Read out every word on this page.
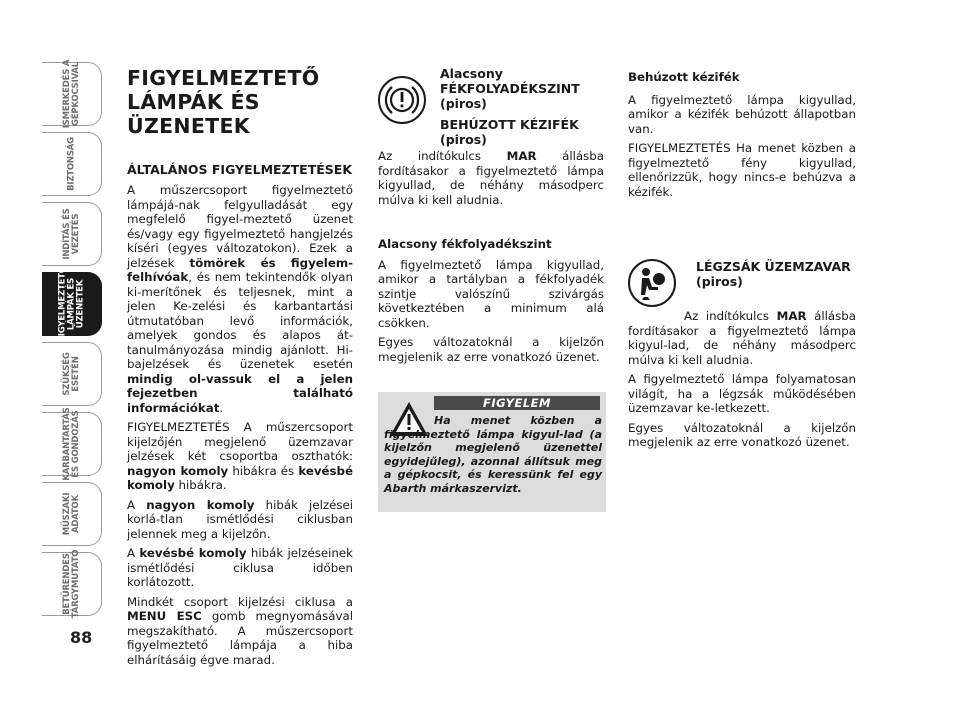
ISMERKEDÉS A
GÉPKOCSIVAL
BIZTONSÁG
INDÍTÁS ÉS
VEZETÉS
FIGYELMEZTETŐ
LÁMPÁK ÉS
ÜZENETEK
SZÜKSÉG
ESETÉN
KARBANTARTÁS
ÉS GONDOZÁS
MŰSZAKI
ADATOK
BETŰRENDES
TÁRGYMUTATÓ
88
FIGYELMEZTETŐ LÁMPÁK ÉS ÜZENETEK
ÁLTALÁNOS FIGYELMEZTETÉSEK

A műszercsoport figyelmeztető lámpájá-nak felgyulladását egy megfelelő figyel-meztető üzenet és/vagy egy figyelmeztető hangjelzés kíséri (egyes változatokon). Ezek a jelzések tömörek és figyelem-felhívóak, és nem tekintendők olyan ki-merítőnek és teljesnek, mint a jelen Ke-zelési és karbantartási útmutatóban levő információk, amelyek gondos és alapos át-tanulmányozása mindig ajánlott. Hi-bajelzések és üzenetek esetén mindig ol-vassuk el a jelen fejezetben található információkat.

FIGYELMEZTETÉS A műszercsoport kijelzőjén megjelenő üzemzavar jelzések két csoportba oszthatók: nagyon komoly hibákra és kevésbé komoly hibákra.

A nagyon komoly hibák jelzései korlá-tlan ismétlődési ciklusban jelennek meg a kijelzőn.

A kevésbé komoly hibák jelzéseinek ismétlődési ciklusa időben korlátozott.

Mindkét csoport kijelzési ciklusa a MENU ESC gomb megnyomásával megszakítható. A műszercsoport figyelmeztető lámpája a hiba elhárításáig égve marad.

Alacsony FÉKFOLYADÉKSZINT (piros)
BEHÚZOTT KÉZIFÉK (piros)

Az indítókulcs MAR állásba fordításakor a figyelmeztető lámpa kigyullad, de néhány másodperc múlva ki kell aludnia.

Alacsony fékfolyadékszint

A figyelmeztető lámpa kigyullad, amikor a tartályban a fékfolyadék szintje valószínű szivárgás következtében a minimum alá csökken.

Egyes változatoknál a kijelzőn megjelenik az erre vonatkozó üzenet.

FIGYELEM
Ha menet közben a figyelmeztető lámpa kigyul-lad (a kijelzőn megjelenő üzenettel egyidejűleg), azonnal állítsuk meg a gépkocsit, és keressünk fel egy Abarth márkaszervizt.
Behúzott kézifék

A figyelmeztető lámpa kigyullad, amikor a kézifék behúzott állapotban van.

FIGYELMEZTETÉS Ha menet közben a figyelmeztető fény kigyullad, ellenőrizzük, hogy nincs-e behúzva a kézifék.

LÉGZSÁK ÜZEMZAVAR (piros)

Az indítókulcs MAR állásba fordításakor a figyelmeztető lámpa kigyul-lad, de néhány másodperc múlva ki kell aludnia.

A figyelmeztető lámpa folyamatosan világít, ha a légzsák működésében üzemzavar ke-letkezett.

Egyes változatoknál a kijelzőn megjelenik az erre vonatkozó üzenet.
